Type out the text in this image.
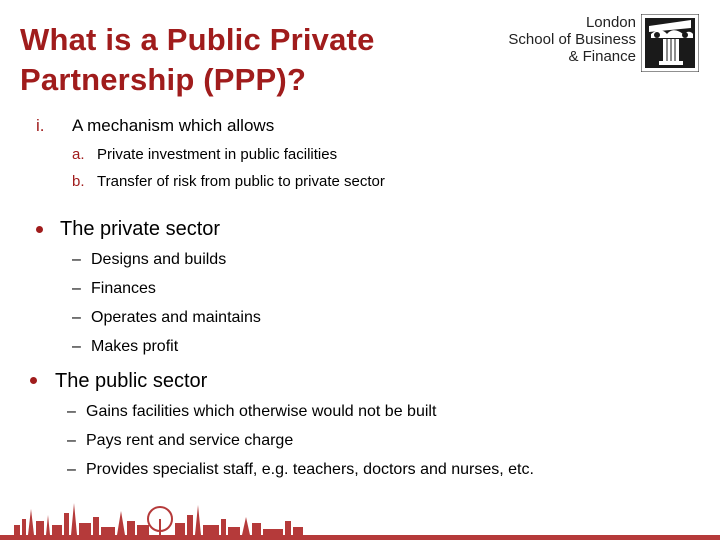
What is a Public Private
Partnership (PPP)?
London
School of Business
& Finance
i. A mechanism which allows
a. Private investment in public facilities
b. Transfer of risk from public to private sector
The private sector
– Designs and builds
– Finances
– Operates and maintains
– Makes profit
The public sector
– Gains facilities which otherwise would not be built
– Pays rent and service charge
– Provides specialist staff, e.g. teachers, doctors and nurses, etc.
